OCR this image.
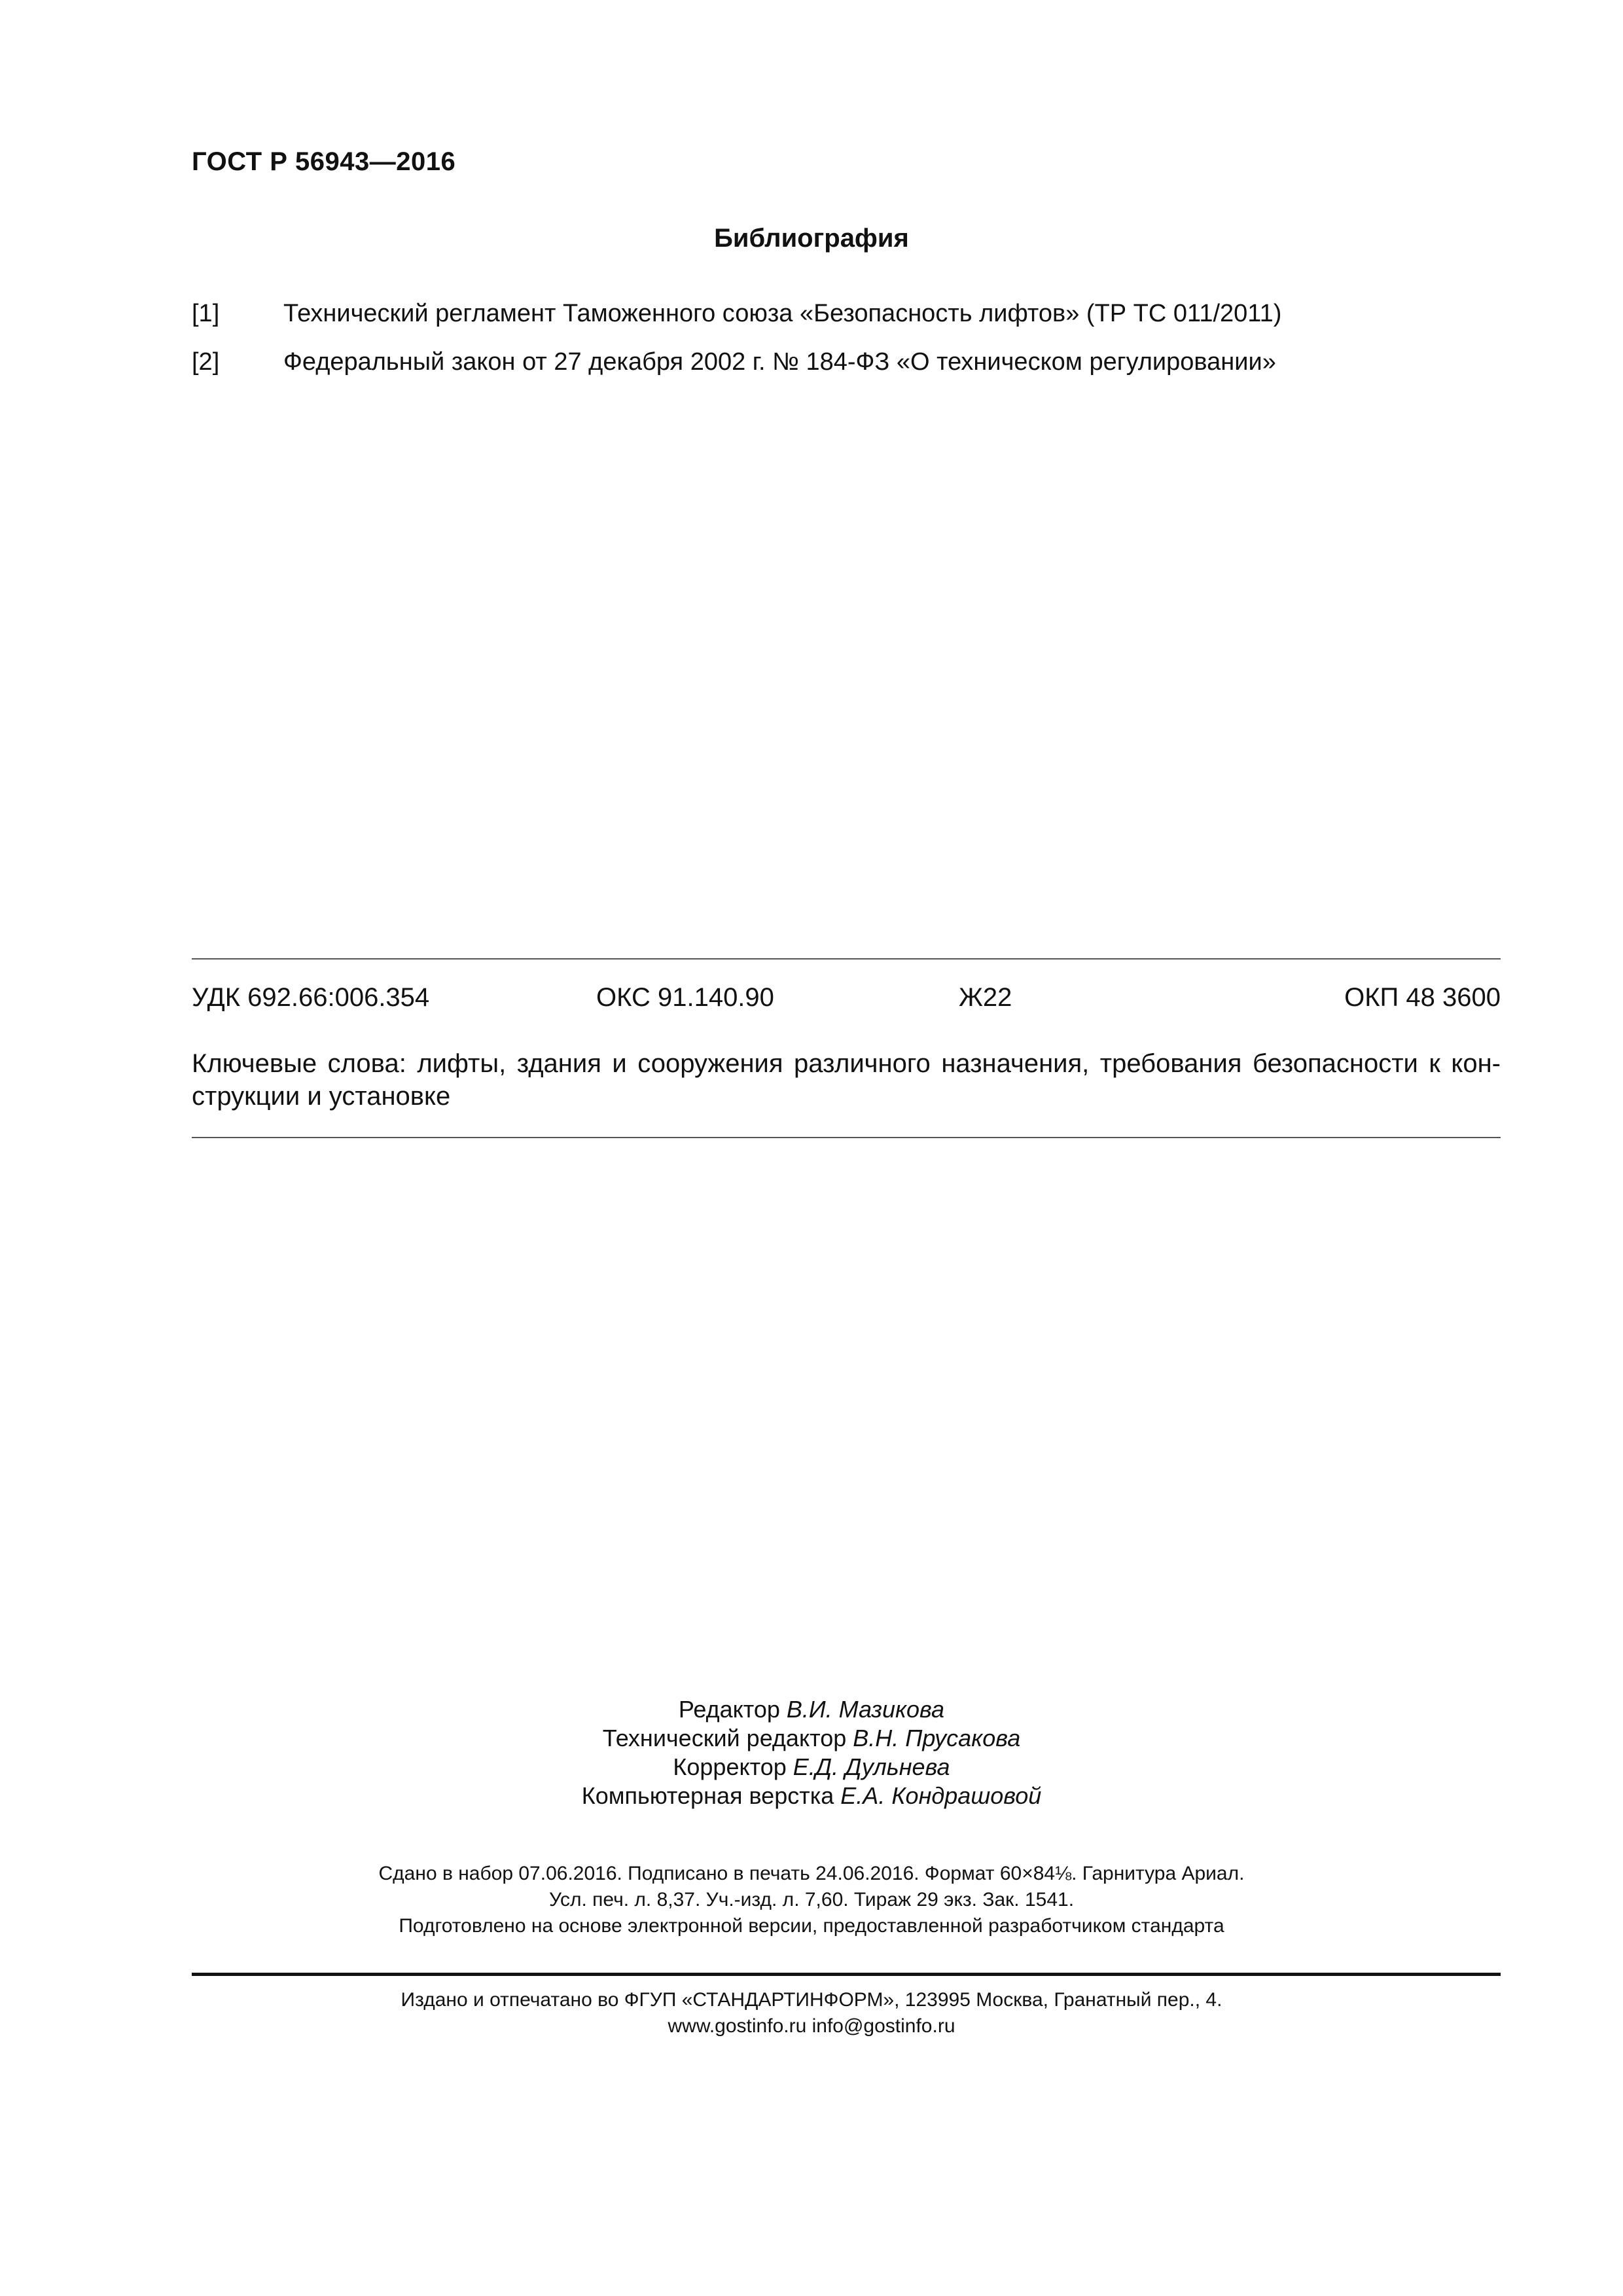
ГОСТ Р 56943—2016
Библиография
[1]	Технический регламент Таможенного союза «Безопасность лифтов» (ТР ТС 011/2011)
[2]	Федеральный закон от 27 декабря 2002 г. № 184-ФЗ «О техническом регулировании»
УДК 692.66:006.354	ОКС 91.140.90	Ж22	ОКП 48 3600
Ключевые слова: лифты, здания и сооружения различного назначения, требования безопасности к кон-струкции и установке
Редактор В.И. Мазикова
Технический редактор В.Н. Прусакова
Корректор Е.Д. Дульнева
Компьютерная верстка Е.А. Кондрашовой
Сдано в набор 07.06.2016. Подписано в печать 24.06.2016. Формат 60×84⅛. Гарнитура Ариал.
Усл. печ. л. 8,37. Уч.-изд. л. 7,60. Тираж 29 экз. Зак. 1541.
Подготовлено на основе электронной версии, предоставленной разработчиком стандарта
Издано и отпечатано во ФГУП «СТАНДАРТИНФОРМ», 123995 Москва, Гранатный пер., 4.
www.gostinfo.ru info@gostinfo.ru
